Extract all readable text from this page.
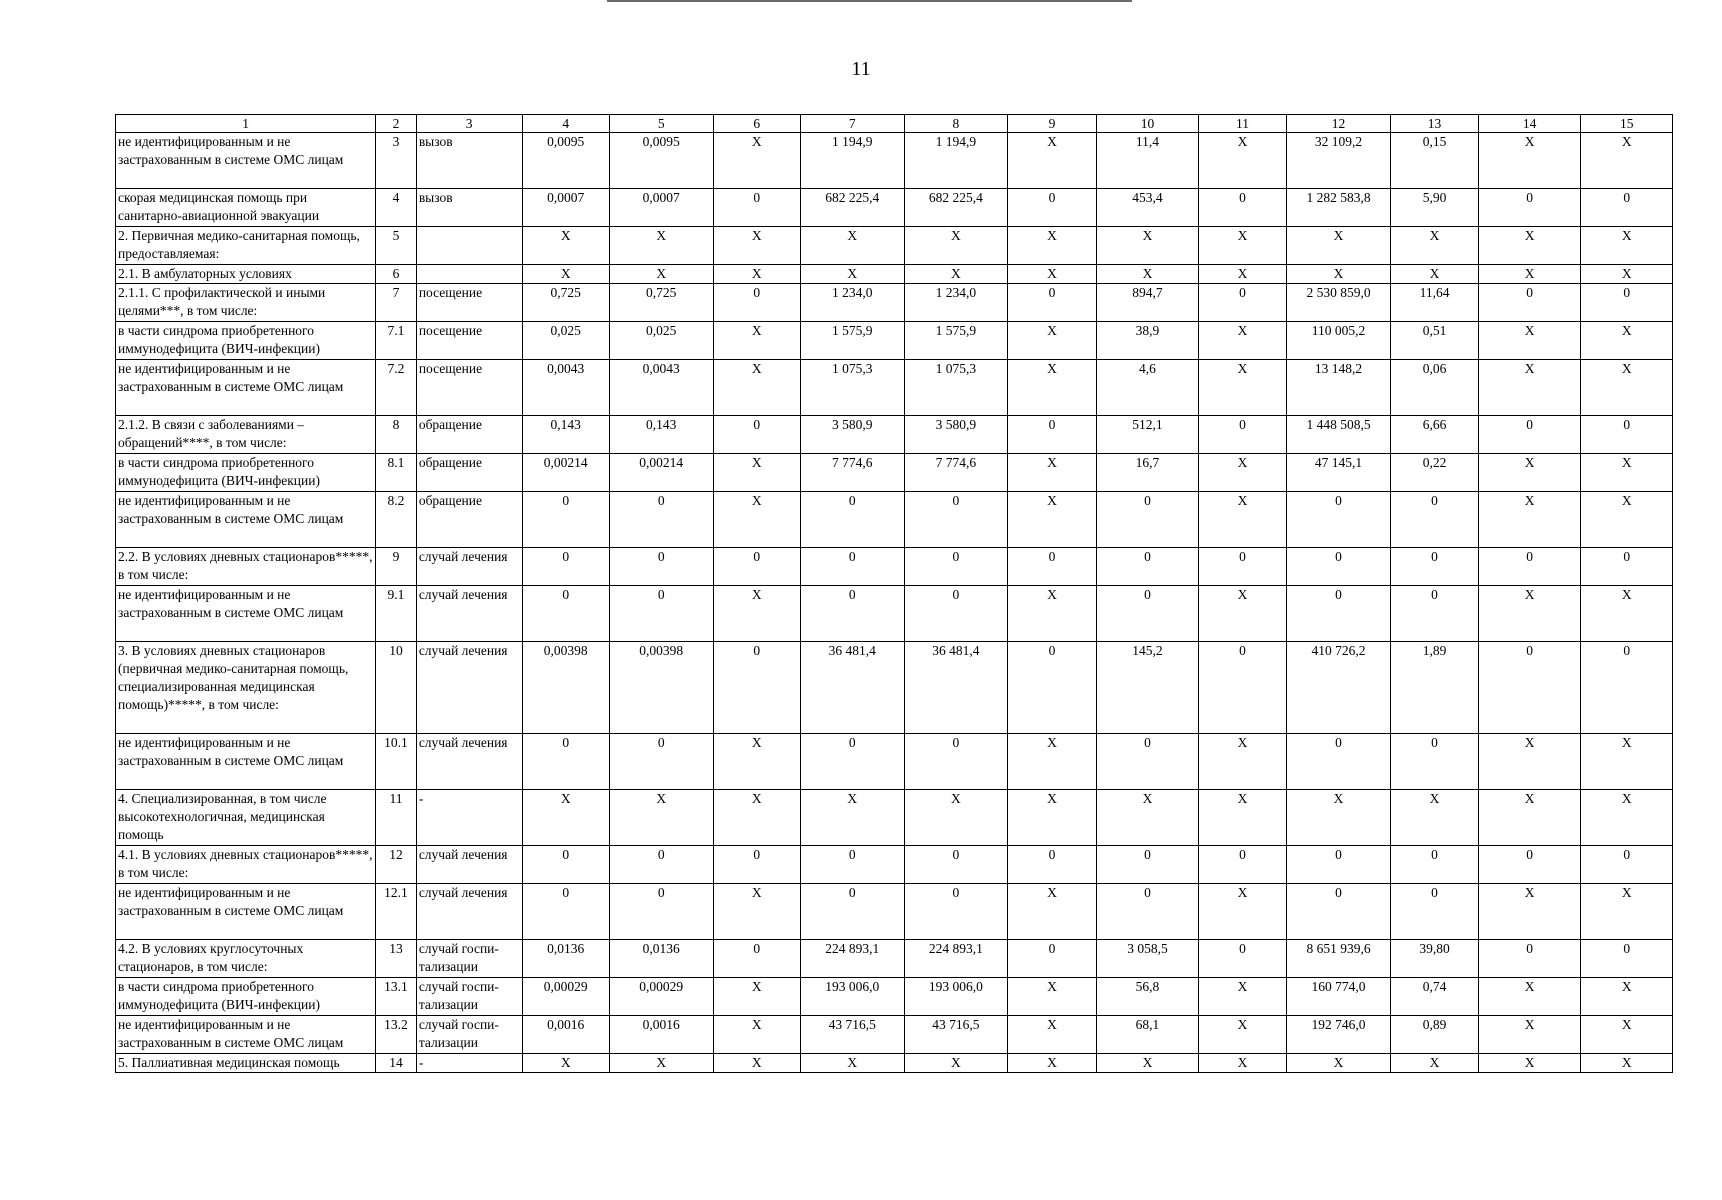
11
1	2	3	4	5	6	7	8	9	10	11	12	13	14	15
не идентифицированным и не застрахованным в системе ОМС лицам	3	вызов	0,0095	0,0095	X	1 194,9	1 194,9	X	11,4	X	32 109,2	0,15	X	X
скорая медицинская помощь при санитарно-авиационной эвакуации	4	вызов	0,0007	0,0007	0	682 225,4	682 225,4	0	453,4	0	1 282 583,8	5,90	0	0
2. Первичная медико-санитарная помощь, предоставляемая:	5		X	X	X	X	X	X	X	X	X	X	X	X
2.1. В амбулаторных условиях	6		X	X	X	X	X	X	X	X	X	X	X	X
2.1.1. С профилактической и иными целями***, в том числе:	7	посещение	0,725	0,725	0	1 234,0	1 234,0	0	894,7	0	2 530 859,0	11,64	0	0
в части синдрома приобретенного иммунодефицита (ВИЧ-инфекции)	7.1	посещение	0,025	0,025	X	1 575,9	1 575,9	X	38,9	X	110 005,2	0,51	X	X
не идентифицированным и не застрахованным в системе ОМС лицам	7.2	посещение	0,0043	0,0043	X	1 075,3	1 075,3	X	4,6	X	13 148,2	0,06	X	X
2.1.2. В связи с заболеваниями – обращений****, в том числе:	8	обращение	0,143	0,143	0	3 580,9	3 580,9	0	512,1	0	1 448 508,5	6,66	0	0
в части синдрома приобретенного иммунодефицита (ВИЧ-инфекции)	8.1	обращение	0,00214	0,00214	X	7 774,6	7 774,6	X	16,7	X	47 145,1	0,22	X	X
не идентифицированным и не застрахованным в системе ОМС лицам	8.2	обращение	0	0	X	0	0	X	0	X	0	0	X	X
2.2. В условиях дневных стационаров*****, в том числе:	9	случай лечения	0	0	0	0	0	0	0	0	0	0	0	0
не идентифицированным и не застрахованным в системе ОМС лицам	9.1	случай лечения	0	0	X	0	0	X	0	X	0	0	X	X
3. В условиях дневных стационаров (первичная медико-санитарная помощь, специализированная медицинская помощь)*****, в том числе:	10	случай лечения	0,00398	0,00398	0	36 481,4	36 481,4	0	145,2	0	410 726,2	1,89	0	0
не идентифицированным и не застрахованным в системе ОМС лицам	10.1	случай лечения	0	0	X	0	0	X	0	X	0	0	X	X
4. Специализированная, в том числе высокотехнологичная, медицинская помощь	11	-	X	X	X	X	X	X	X	X	X	X	X	X
4.1. В условиях дневных стационаров*****, в том числе:	12	случай лечения	0	0	0	0	0	0	0	0	0	0	0	0
не идентифицированным и не застрахованным в системе ОМС лицам	12.1	случай лечения	0	0	X	0	0	X	0	X	0	0	X	X
4.2. В условиях круглосуточных стационаров, в том числе:	13	случай госпи-тализации	0,0136	0,0136	0	224 893,1	224 893,1	0	3 058,5	0	8 651 939,6	39,80	0	0
в части синдрома приобретенного иммунодефицита (ВИЧ-инфекции)	13.1	случай госпи-тализации	0,00029	0,00029	X	193 006,0	193 006,0	X	56,8	X	160 774,0	0,74	X	X
не идентифицированным и не застрахованным в системе ОМС лицам	13.2	случай госпи-тализации	0,0016	0,0016	X	43 716,5	43 716,5	X	68,1	X	192 746,0	0,89	X	X
5. Паллиативная медицинская помощь	14	-	X	X	X	X	X	X	X	X	X	X	X	X
